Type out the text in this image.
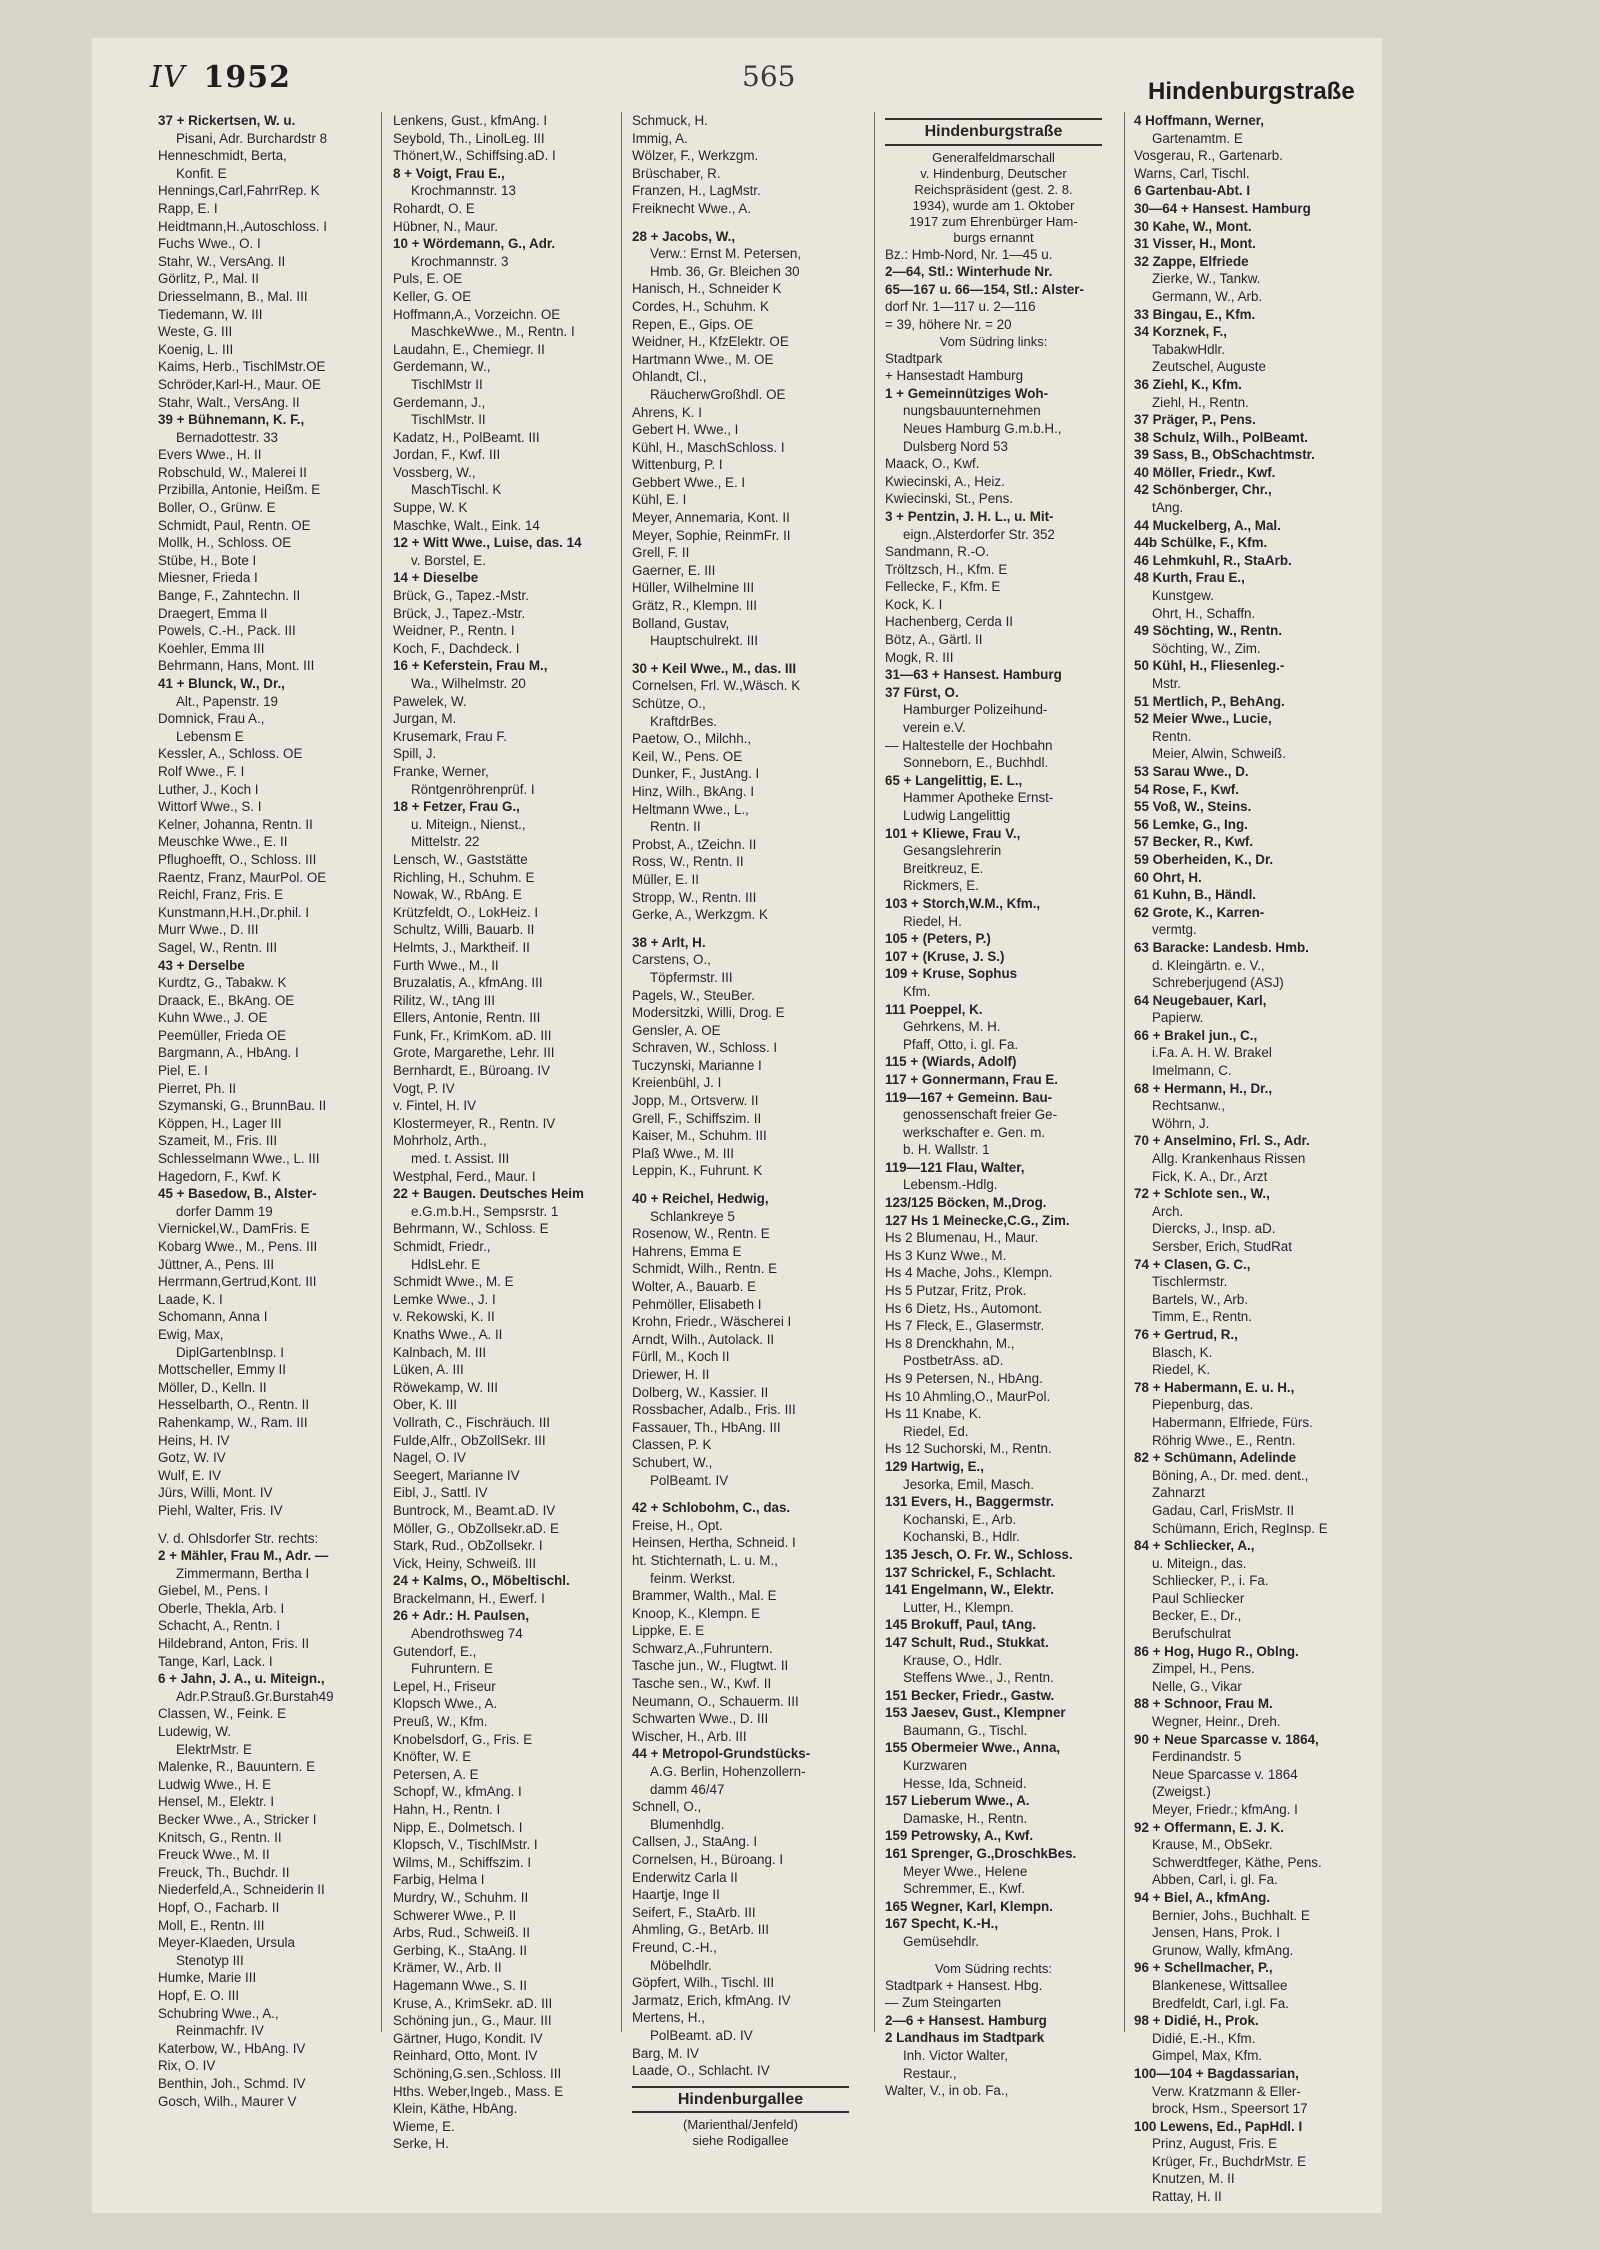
IV 1952	565	Hindenburgstraße
37 + Rickertsen, W. u.
Pisani, Adr. Burchardstr 8
Henneschmidt, Berta,
Konfit. E
Hennings,Carl,FahrrRep. K
Rapp, E. I
Heidtmann,H.,Autoschloss. I
Fuchs Wwe., O. I
Stahr, W., VersAng. II
Görlitz, P., Mal. II
Driesselmann, B., Mal. III
Tiedemann, W. III
Weste, G. III
Koenig, L. III
Kaims, Herb., TischlMstr.OE
Schröder,Karl-H., Maur. OE
Stahr, Walt., VersAng. II
39 + Bühnemann, K. F.,
Bernadottestr. 33
Evers Wwe., H. II
Robschuld, W., Malerei II
Przibilla, Antonie, Heißm. E
Boller, O., Grünw. E
Schmidt, Paul, Rentn. OE
Mollk, H., Schloss. OE
Stübe, H., Bote I
Miesner, Frieda I
Bange, F., Zahntechn. II
Draegert, Emma II
Powels, C.-H., Pack. III
Koehler, Emma III
Behrmann, Hans, Mont. III
41 + Blunck, W., Dr.,
Alt., Papenstr. 19
Domnick, Frau A.,
Lebensm E
Kessler, A., Schloss. OE
Rolf Wwe., F. I
Luther, J., Koch I
Wittorf Wwe., S. I
Kelner, Johanna, Rentn. II
Meuschke Wwe., E. II
Pflughoefft, O., Schloss. III
Raentz, Franz, MaurPol. OE
Reichl, Franz, Fris. E
Kunstmann,H.H.,Dr.phil. I
Murr Wwe., D. III
Sagel, W., Rentn. III
43 + Derselbe
Kurdtz, G., Tabakw. K
Draack, E., BkAng. OE
Kuhn Wwe., J. OE
Peemüller, Frieda OE
Bargmann, A., HbAng. I
Piel, E. I
Pierret, Ph. II
Szymanski, G., BrunnBau. II
Köppen, H., Lager III
Szameit, M., Fris. III
Schlesselmann Wwe., L. III
Hagedorn, F., Kwf. K
45 + Basedow, B., Alster-
dorfer Damm 19
Viernickel,W., DamFris. E
Kobarg Wwe., M., Pens. III
Jüttner, A., Pens. III
Herrmann,Gertrud,Kont. III
Laade, K. I
Schomann, Anna I
Ewig, Max,
DiplGartenbInsp. I
Mottscheller, Emmy II
Möller, D., Kelln. II
Hesselbarth, O., Rentn. II
Rahenkamp, W., Ram. III
Heins, H. IV
Gotz, W. IV
Wulf, E. IV
Jürs, Willi, Mont. IV
Piehl, Walter, Fris. IV
V. d. Ohlsdorfer Str. rechts:
2 + Mähler, Frau M., Adr. —
Zimmermann, Bertha I
Giebel, M., Pens. I
Oberle, Thekla, Arb. I
Schacht, A., Rentn. I
Hildebrand, Anton, Fris. II
Tange, Karl, Lack. I
6 + Jahn, J. A., u. Miteign.,
Adr.P.Strauß.Gr.Burstah49
Classen, W., Feink. E
Ludewig, W.
ElektrMstr. E
Malenke, R., Bauuntern. E
Ludwig Wwe., H. E
Hensel, M., Elektr. I
Becker Wwe., A., Stricker I
Knitsch, G., Rentn. II
Freuck Wwe., M. II
Freuck, Th., Buchdr. II
Niederfeld,A., Schneiderin II
Hopf, O., Facharb. II
Moll, E., Rentn. III
Meyer-Klaeden, Ursula
Stenotyp III
Humke, Marie III
Hopf, E. O. III
Schubring Wwe., A.,
Reinmachfr. IV
Katerbow, W., HbAng. IV
Rix, O. IV
Benthin, Joh., Schmd. IV
Gosch, Wilh., Maurer V
Lenkens, Gust., kfmAng. I
Seybold, Th., LinolLeg. III
Thönert,W., Schiffsing.aD. I
8 + Voigt, Frau E.,
Krochmannstr. 13
Rohardt, O. E
Hübner, N., Maur.
10 + Wördemann, G., Adr.
Krochmannstr. 3
Puls, E. OE
Keller, G. OE
Hoffmann,A., Vorzeichn. OE
MaschkeWwe., M., Rentn. I
Laudahn, E., Chemiegr. II
Gerdemann, W.,
TischlMstr II
Gerdemann, J.,
TischlMstr. II
Kadatz, H., PolBeamt. III
Jordan, F., Kwf. III
Vossberg, W.,
MaschTischl. K
Suppe, W. K
Maschke, Walt., Eink. 14
12 + Witt Wwe., Luise, das. 14
v. Borstel, E.
14 + Dieselbe
Brück, G., Tapez.-Mstr.
Brück, J., Tapez.-Mstr.
Weidner, P., Rentn. I
Koch, F., Dachdeck. I
16 + Keferstein, Frau M.,
Wa., Wilhelmstr. 20
Pawelek, W.
Jurgan, M.
Krusemark, Frau F.
Spill, J.
Franke, Werner,
Röntgenröhrenprüf. I
18 + Fetzer, Frau G.,
u. Miteign., Nienst.,
Mittelstr. 22
Lensch, W., Gaststätte
Richling, H., Schuhm. E
Nowak, W., RbAng. E
Krützfeldt, O., LokHeiz. I
Schultz, Willi, Bauarb. II
Helmts, J., Marktheif. II
Furth Wwe., M., II
Bruzalatis, A., kfmAng. III
Rilitz, W., tAng III
Ellers, Antonie, Rentn. III
Funk, Fr., KrimKom. aD. III
Grote, Margarethe, Lehr. III
Bernhardt, E., Büroang. IV
Vogt, P. IV
v. Fintel, H. IV
Klostermeyer, R., Rentn. IV
Mohrholz, Arth.,
med. t. Assist. III
Westphal, Ferd., Maur. I
22 + Baugen. Deutsches Heim
e.G.m.b.H., Sempsrstr. 1
Behrmann, W., Schloss. E
Schmidt, Friedr.,
HdlsLehr. E
Schmidt Wwe., M. E
Lemke Wwe., J. I
v. Rekowski, K. II
Knaths Wwe., A. II
Kalnbach, M. III
Lüken, A. III
Röwekamp, W. III
Ober, K. III
Vollrath, C., Fischräuch. III
Fulde,Alfr., ObZollSekr. III
Nagel, O. IV
Seegert, Marianne IV
Eibl, J., Sattl. IV
Buntrock, M., Beamt.aD. IV
Möller, G., ObZollsekr.aD. E
Stark, Rud., ObZollsekr. I
Vick, Heiny, Schweiß. III
24 + Kalms, O., Möbeltischl.
Brackelmann, H., Ewerf. I
26 + Adr.: H. Paulsen,
Abendrothsweg 74
Gutendorf, E.,
Fuhruntern. E
Lepel, H., Friseur
Klopsch Wwe., A.
Preuß, W., Kfm.
Knobelsdorf, G., Fris. E
Knöfter, W. E
Petersen, A. E
Schopf, W., kfmAng. I
Hahn, H., Rentn. I
Nipp, E., Dolmetsch. I
Klopsch, V., TischlMstr. I
Wilms, M., Schiffszim. I
Farbig, Helma I
Murdry, W., Schuhm. II
Schwerer Wwe., P. II
Arbs, Rud., Schweiß. II
Gerbing, K., StaAng. II
Krämer, W., Arb. II
Hagemann Wwe., S. II
Kruse, A., KrimSekr. aD. III
Schöning jun., G., Maur. III
Gärtner, Hugo, Kondit. IV
Reinhard, Otto, Mont. IV
Schöning,G.sen.,Schloss. III
Hths. Weber,Ingeb., Mass. E
Klein, Käthe, HbAng.
Wieme, E.
Serke, H.
Schmuck, H.
Immig, A.
Wölzer, F., Werkzgm.
Brüschaber, R.
Franzen, H., LagMstr.
Freiknecht Wwe., A.
28 + Jacobs, W.,
Verw.: Ernst M. Petersen,
Hmb. 36, Gr. Bleichen 30
Hanisch, H., Schneider K
Cordes, H., Schuhm. K
Repen, E., Gips. OE
Weidner, H., KfzElektr. OE
Hartmann Wwe., M. OE
Ohlandt, Cl.,
RäucherwGroßhdl. OE
Ahrens, K. I
Gebert H. Wwe., I
Kühl, H., MaschSchloss. I
Wittenburg, P. I
Gebbert Wwe., E. I
Kühl, E. I
Meyer, Annemaria, Kont. II
Meyer, Sophie, ReinmFr. II
Grell, F. II
Gaerner, E. III
Hüller, Wilhelmine III
Grätz, R., Klempn. III
Bolland, Gustav,
Hauptschulrekt. III
30 + Keil Wwe., M., das. III
Cornelsen, Frl. W.,Wäsch. K
Schütze, O.,
KraftdrBes.
Paetow, O., Milchh.,
Keil, W., Pens. OE
Dunker, F., JustAng. I
Hinz, Wilh., BkAng. I
Heltmann Wwe., L.,
Rentn. II
Probst, A., tZeichn. II
Ross, W., Rentn. II
Müller, E. II
Stropp, W., Rentn. III
Gerke, A., Werkzgm. K
38 + Arlt, H.
Carstens, O.,
Töpfermstr. III
Pagels, W., SteuBer.
Modersitzki, Willi, Drog. E
Gensler, A. OE
Schraven, W., Schloss. I
Tuczynski, Marianne I
Kreienbühl, J. I
Jopp, M., Ortsverw. II
Grell, F., Schiffszim. II
Kaiser, M., Schuhm. III
Plaß Wwe., M. III
Leppin, K., Fuhrunt. K
40 + Reichel, Hedwig,
Schlankreye 5
Rosenow, W., Rentn. E
Hahrens, Emma E
Schmidt, Wilh., Rentn. E
Wolter, A., Bauarb. E
Pehmöller, Elisabeth I
Krohn, Friedr., Wäscherei I
Arndt, Wilh., Autolack. II
Fürll, M., Koch II
Driewer, H. II
Dolberg, W., Kassier. II
Rossbacher, Adalb., Fris. III
Fassauer, Th., HbAng. III
Classen, P. K
Schubert, W.,
PolBeamt. IV
42 + Schlobohm, C., das.
Freise, H., Opt.
Heinsen, Hertha, Schneid. I
ht. Stichternath, L. u. M.,
feinm. Werkst.
Brammer, Walth., Mal. E
Knoop, K., Klempn. E
Lippke, E. E
Schwarz,A.,Fuhruntern.
Tasche jun., W., Flugtwt. II
Tasche sen., W., Kwf. II
Neumann, O., Schauerm. III
Schwarten Wwe., D. III
Wischer, H., Arb. III
44 + Metropol-Grundstücks-
A.G. Berlin, Hohenzollern-
damm 46/47
Schnell, O.,
Blumenhdlg.
Callsen, J., StaAng. I
Cornelsen, H., Büroang. I
Enderwitz Carla II
Haartje, Inge II
Seifert, F., StaArb. III
Ahmling, G., BetArb. III
Freund, C.-H.,
Möbelhdlr.
Göpfert, Wilh., Tischl. III
Jarmatz, Erich, kfmAng. IV
Mertens, H.,
PolBeamt. aD. IV
Barg, M. IV
Laade, O., Schlacht. IV
Hindenburgallee
(Marienthal/Jenfeld)
siehe Rodigallee
Hindenburgstraße
Generalfeldmarschall
v. Hindenburg, Deutscher
Reichspräsident (gest. 2. 8.
1934), wurde am 1. Oktober
1917 zum Ehrenbürger Ham-
burgs ernannt
Bz.: Hmb-Nord, Nr. 1—45 u.
2—64, Stl.: Winterhude Nr.
65—167 u. 66—154, Stl.: Alster-
dorf Nr. 1—117 u. 2—116
= 39, höhere Nr. = 20
Vom Südring links:
Stadtpark
+ Hansestadt Hamburg
1 + Gemeinnütziges Woh-
nungsbauunternehmen
Neues Hamburg G.m.b.H.,
Dulsberg Nord 53
Maack, O., Kwf.
Kwiecinski, A., Heiz.
Kwiecinski, St., Pens.
3 + Pentzin, J. H. L., u. Mit-
eign.,Alsterdorfer Str. 352
Sandmann, R.-O.
Tröltzsch, H., Kfm. E
Fellecke, F., Kfm. E
Kock, K. I
Hachenberg, Cerda II
Bötz, A., Gärtl. II
Mogk, R. III
31—63 + Hansest. Hamburg
37 Fürst, O.
Hamburger Polizeihund-
verein e.V.
— Haltestelle der Hochbahn
Sonneborn, E., Buchhdl.
65 + Langelittig, E. L.,
Hammer Apotheke Ernst-
Ludwig Langelittig
101 + Kliewe, Frau V.,
Gesangslehrerin
Breitkreuz, E.
Rickmers, E.
103 + Storch,W.M., Kfm.,
Riedel, H.
105 + (Peters, P.)
107 + (Kruse, J. S.)
109 + Kruse, Sophus
Kfm.
111 Poeppel, K.
Gehrkens, M. H.
Pfaff, Otto, i. gl. Fa.
115 + (Wiards, Adolf)
117 + Gonnermann, Frau E.
119—167 + Gemeinn. Bau-
genossenschaft freier Ge-
werkschafter e. Gen. m.
b. H. Wallstr. 1
119—121 Flau, Walter,
Lebensm.-Hdlg.
123/125 Böcken, M.,Drog.
127 Hs 1 Meinecke,C.G., Zim.
Hs 2 Blumenau, H., Maur.
Hs 3 Kunz Wwe., M.
Hs 4 Mache, Johs., Klempn.
Hs 5 Putzar, Fritz, Prok.
Hs 6 Dietz, Hs., Automont.
Hs 7 Fleck, E., Glasermstr.
Hs 8 Drenckhahn, M.,
PostbetrAss. aD.
Hs 9 Petersen, N., HbAng.
Hs 10 Ahmling,O., MaurPol.
Hs 11 Knabe, K.
Riedel, Ed.
Hs 12 Suchorski, M., Rentn.
129 Hartwig, E.,
Jesorka, Emil, Masch.
131 Evers, H., Baggermstr.
Kochanski, E., Arb.
Kochanski, B., Hdlr.
135 Jesch, O. Fr. W., Schloss.
137 Schrickel, F., Schlacht.
141 Engelmann, W., Elektr.
Lutter, H., Klempn.
145 Brokuff, Paul, tAng.
147 Schult, Rud., Stukkat.
Krause, O., Hdlr.
Steffens Wwe., J., Rentn.
151 Becker, Friedr., Gastw.
153 Jaesev, Gust., Klempner
Baumann, G., Tischl.
155 Obermeier Wwe., Anna,
Kurzwaren
Hesse, Ida, Schneid.
157 Lieberum Wwe., A.
Damaske, H., Rentn.
159 Petrowsky, A., Kwf.
161 Sprenger, G.,DroschkBes.
Meyer Wwe., Helene
Schremmer, E., Kwf.
165 Wegner, Karl, Klempn.
167 Specht, K.-H.,
Gemüsehdlr.
Vom Südring rechts:
Stadtpark + Hansest. Hbg.
— Zum Steingarten
2—6 + Hansest. Hamburg
2 Landhaus im Stadtpark
Inh. Victor Walter,
Restaur.,
Walter, V., in ob. Fa.,
4 Hoffmann, Werner,
Gartenamtm. E
Vosgerau, R., Gartenarb.
Warns, Carl, Tischl.
6 Gartenbau-Abt. I
30—64 + Hansest. Hamburg
30 Kahe, W., Mont.
31 Visser, H., Mont.
32 Zappe, Elfriede
Zierke, W., Tankw.
Germann, W., Arb.
33 Bingau, E., Kfm.
34 Korznek, F.,
TabakwHdlr.
Zeutschel, Auguste
36 Ziehl, K., Kfm.
Ziehl, H., Rentn.
37 Präger, P., Pens.
38 Schulz, Wilh., PolBeamt.
39 Sass, B., ObSchachtmstr.
40 Möller, Friedr., Kwf.
42 Schönberger, Chr.,
tAng.
44 Muckelberg, A., Mal.
44b Schülke, F., Kfm.
46 Lehmkuhl, R., StaArb.
48 Kurth, Frau E.,
Kunstgew.
Ohrt, H., Schaffn.
49 Söchting, W., Rentn.
Söchting, W., Zim.
50 Kühl, H., Fliesenleg.-
Mstr.
51 Mertlich, P., BehAng.
52 Meier Wwe., Lucie,
Rentn.
Meier, Alwin, Schweiß.
53 Sarau Wwe., D.
54 Rose, F., Kwf.
55 Voß, W., Steins.
56 Lemke, G., Ing.
57 Becker, R., Kwf.
59 Oberheiden, K., Dr.
60 Ohrt, H.
61 Kuhn, B., Händl.
62 Grote, K., Karren-
vermtg.
63 Baracke: Landesb. Hmb.
d. Kleingärtn. e. V.,
Schreberjugend (ASJ)
64 Neugebauer, Karl,
Papierw.
66 + Brakel jun., C.,
i.Fa. A. H. W. Brakel
Imelmann, C.
68 + Hermann, H., Dr.,
Rechtsanw.,
Wöhrn, J.
70 + Anselmino, Frl. S., Adr.
Allg. Krankenhaus Rissen
Fick, K. A., Dr., Arzt
72 + Schlote sen., W.,
Arch.
Diercks, J., Insp. aD.
Sersber, Erich, StudRat
74 + Clasen, G. C.,
Tischlermstr.
Bartels, W., Arb.
Timm, E., Rentn.
76 + Gertrud, R.,
Blasch, K.
Riedel, K.
78 + Habermann, E. u. H.,
Piepenburg, das.
Habermann, Elfriede, Fürs.
Röhrig Wwe., E., Rentn.
82 + Schümann, Adelinde
Böning, A., Dr. med. dent.,
Zahnarzt
Gadau, Carl, FrisMstr. II
Schümann, Erich, RegInsp. E
84 + Schliecker, A.,
u. Miteign., das.
Schliecker, P., i. Fa.
Paul Schliecker
Becker, E., Dr.,
Berufschulrat
86 + Hog, Hugo R., Oblng.
Zimpel, H., Pens.
Nelle, G., Vikar
88 + Schnoor, Frau M.
Wegner, Heinr., Dreh.
90 + Neue Sparcasse v. 1864,
Ferdinandstr. 5
Neue Sparcasse v. 1864
(Zweigst.)
Meyer, Friedr.; kfmAng. I
92 + Offermann, E. J. K.
Krause, M., ObSekr.
Schwerdtfeger, Käthe, Pens.
Abben, Carl, i. gl. Fa.
94 + Biel, A., kfmAng.
Bernier, Johs., Buchhalt. E
Jensen, Hans, Prok. I
Grunow, Wally, kfmAng.
96 + Schellmacher, P.,
Blankenese, Wittsallee
Bredfeldt, Carl, i.gl. Fa.
98 + Didié, H., Prok.
Didié, E.-H., Kfm.
Gimpel, Max, Kfm.
100—104 + Bagdassarian,
Verw. Kratzmann & Eller-
brock, Hsm., Speersort 17
100 Lewens, Ed., PapHdl. I
Prinz, August, Fris. E
Krüger, Fr., BuchdrMstr. E
Knutzen, M. II
Rattay, H. II
